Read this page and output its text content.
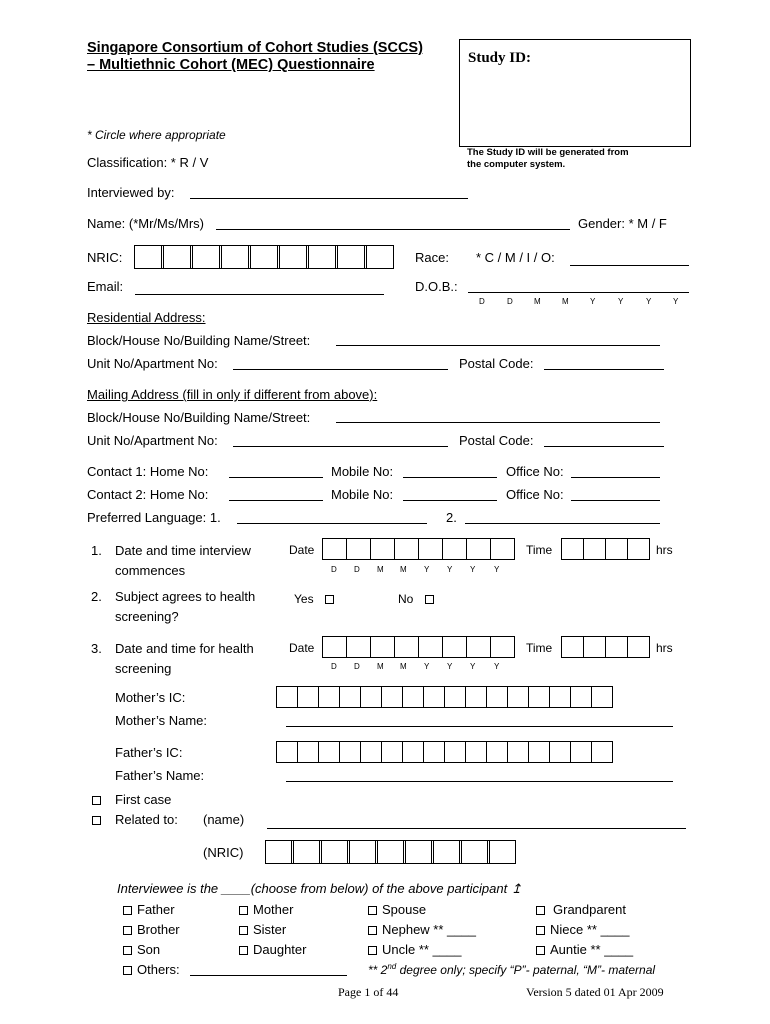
Singapore Consortium of Cohort Studies (SCCS)
– Multiethnic Cohort (MEC) Questionnaire	Study ID:
The Study ID will be generated from
the computer system.
* Circle where appropriate
Classification: * R / V
Interviewed by:
Name: (*Mr/Ms/Mrs)	Gender: * M / F
NRIC:	Race: * C / M / I / O:
Email:	D.O.B.:
D	D	M	M	Y	Y	Y	Y
Residential Address:
Block/House No/Building Name/Street:
Unit No/Apartment No:	Postal Code:
Mailing Address (fill in only if different from above):
Block/House No/Building Name/Street:
Unit No/Apartment No:	Postal Code:
Contact 1: Home No:	Mobile No:	Office No:
Contact 2: Home No:	Mobile No:	Office No:
Preferred Language: 1.	2.
1. Date and time interview
commences
Date
D D M M Y Y Y Y
Time	hrs
2. Subject agrees to health
screening?
Yes	No
3. Date and time for health
screening
Date
D D M M Y Y Y Y
Time	hrs
Mother’s IC:
Mother’s Name:
Father’s IC:
Father’s Name:
First case
Related to: (name)
(NRIC)
Interviewee is the ____(choose from below) of the above participant ↥
Father	Mother	Spouse	Grandparent
Brother	Sister	Nephew ** ____	Niece ** ____
Son	Daughter	Uncle ** ____	Auntie ** ____
Others:	** 2nd degree only; specify “P”- paternal, “M”- maternal
Page 1 of 44	Version 5 dated 01 Apr 2009
